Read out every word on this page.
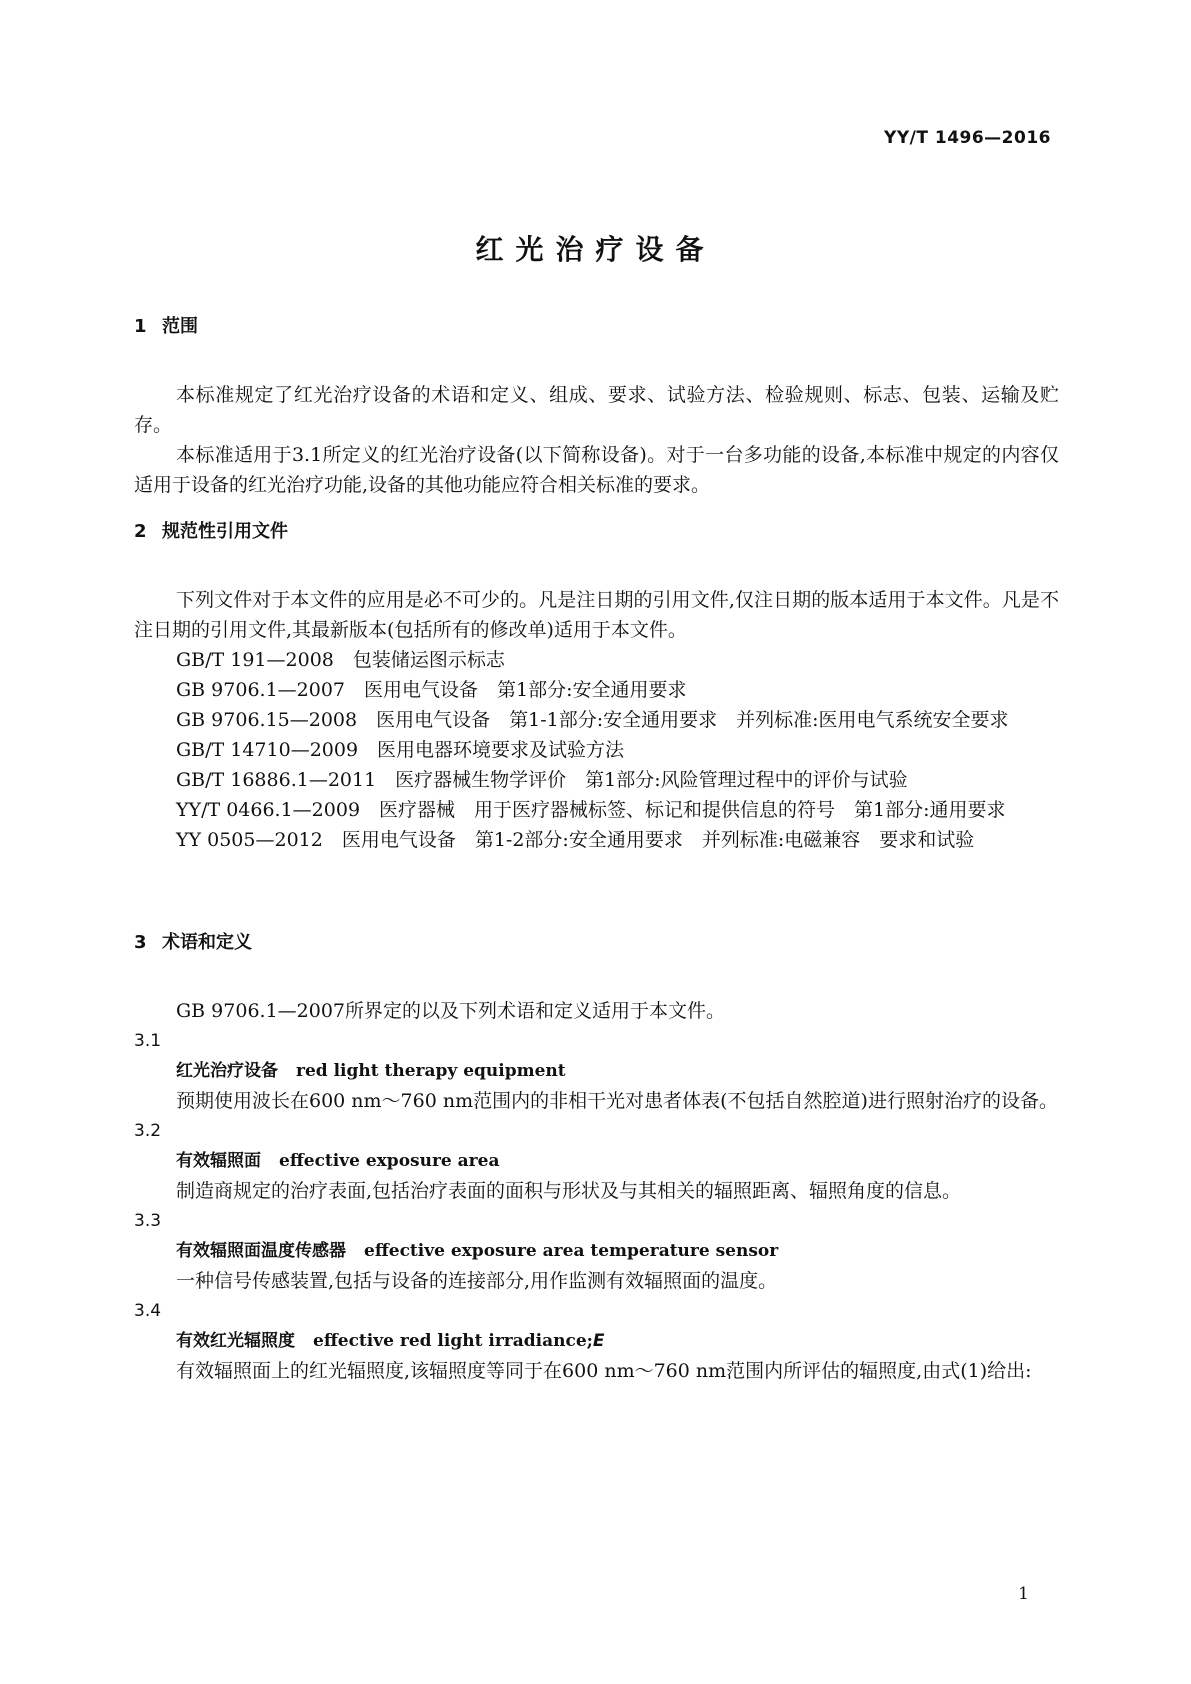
YY/T 1496—2016
红光治疗设备
1 范围

本标准规定了红光治疗设备的术语和定义、组成、要求、试验方法、检验规则、标志、包装、运输及贮存。

本标准适用于3.1所定义的红光治疗设备(以下简称设备)。对于一台多功能的设备,本标准中规定的内容仅适用于设备的红光治疗功能,设备的其他功能应符合相关标准的要求。

2 规范性引用文件

下列文件对于本文件的应用是必不可少的。凡是注日期的引用文件,仅注日期的版本适用于本文件。凡是不注日期的引用文件,其最新版本(包括所有的修改单)适用于本文件。

GB/T 191—2008　包装储运图示标志

GB 9706.1—2007　医用电气设备　第1部分:安全通用要求

GB 9706.15—2008　医用电气设备　第1-1部分:安全通用要求　并列标准:医用电气系统安全要求

GB/T 14710—2009　医用电器环境要求及试验方法

GB/T 16886.1—2011　医疗器械生物学评价　第1部分:风险管理过程中的评价与试验

YY/T 0466.1—2009　医疗器械　用于医疗器械标签、标记和提供信息的符号　第1部分:通用要求

YY 0505—2012　医用电气设备　第1-2部分:安全通用要求　并列标准:电磁兼容　要求和试验

3 术语和定义

GB 9706.1—2007所界定的以及下列术语和定义适用于本文件。

3.1
红光治疗设备 red light therapy equipment

预期使用波长在600 nm～760 nm范围内的非相干光对患者体表(不包括自然腔道)进行照射治疗的设备。

3.2
有效辐照面 effective exposure area

制造商规定的治疗表面,包括治疗表面的面积与形状及与其相关的辐照距离、辐照角度的信息。

3.3
有效辐照面温度传感器 effective exposure area temperature sensor

一种信号传感装置,包括与设备的连接部分,用作监测有效辐照面的温度。

3.4
有效红光辐照度 effective red light irradiance;E

有效辐照面上的红光辐照度,该辐照度等同于在600 nm～760 nm范围内所评估的辐照度,由式(1)给出:

1
